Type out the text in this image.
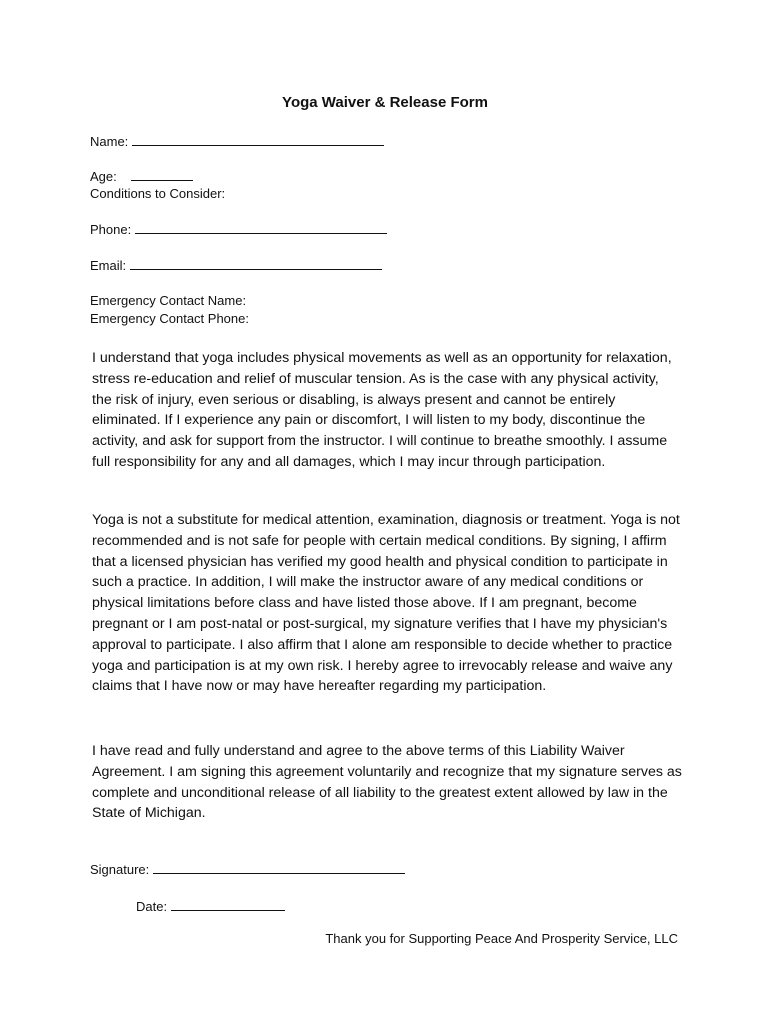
Yoga Waiver & Release Form
Name:
Age:
Conditions to Consider:
Phone:
Email:
Emergency Contact Name:
Emergency Contact Phone:

I understand that yoga includes physical movements as well as an opportunity for relaxation, stress re-education and relief of muscular tension. As is the case with any physical activity, the risk of injury, even serious or disabling, is always present and cannot be entirely eliminated. If I experience any pain or discomfort, I will listen to my body, discontinue the activity, and ask for support from the instructor. I will continue to breathe smoothly. I assume full responsibility for any and all damages, which I may incur through participation.

Yoga is not a substitute for medical attention, examination, diagnosis or treatment. Yoga is not recommended and is not safe for people with certain medical conditions. By signing, I affirm that a licensed physician has verified my good health and physical condition to participate in such a practice. In addition, I will make the instructor aware of any medical conditions or physical limitations before class and have listed those above. If I am pregnant, become pregnant or I am post-natal or post-surgical, my signature verifies that I have my physician's approval to participate. I also affirm that I alone am responsible to decide whether to practice yoga and participation is at my own risk. I hereby agree to irrevocably release and waive any claims that I have now or may have hereafter regarding my participation.

I have read and fully understand and agree to the above terms of this Liability Waiver Agreement. I am signing this agreement voluntarily and recognize that my signature serves as complete and unconditional release of all liability to the greatest extent allowed by law in the State of Michigan.

Signature:
Date:
Thank you for Supporting Peace And Prosperity Service, LLC
